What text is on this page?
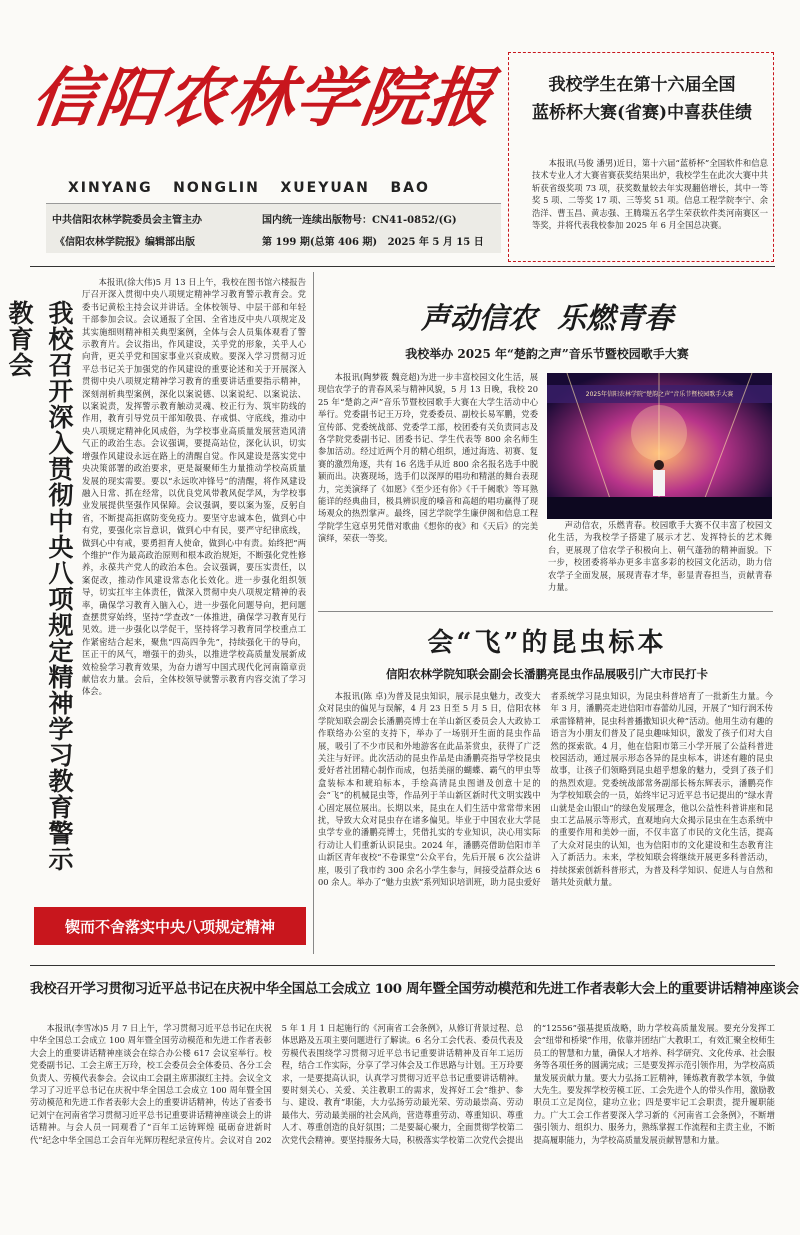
信阳农林学院报
XINYANG   NONGLIN   XUEYUAN   BAO
中共信阳农林学院委员会主管主办	国内统一连续出版物号：CN41-0852/(G)
《信阳农林学院报》编辑部出版	第 199 期(总第 406 期)   2025 年 5 月 15 日
我校学生在第十六届全国
蓝桥杯大赛(省赛)中喜获佳绩

本报讯(马俊 潘男)近日，第十六届“蓝桥杯”全国软件和信息技术专业人才大赛省赛获奖结果出炉，我校学生在此次大赛中共斩获省级奖项 73 项，获奖数量较去年实现翻倍增长，其中一等奖 5 项、二等奖 17 项、三等奖 51 项。信息工程学院李宁、余浩洋、曹玉昌、黄志强、王腾瑞五名学生荣获软件类河南赛区一等奖，并将代表我校参加 2025 年 6 月全国总决赛。

我校召开深入贯彻中央八项规定精神学习教育警示教育会

本报讯(徐大伟)5 月 13 日上午，我校在图书馆六楼报告厅召开深入贯彻中央八项规定精神学习教育警示教育会。党委书记黄松主持会议并讲话。全体校领导、中层干部和年轻干部参加会议。会议通报了全国、全省违反中央八项规定及其实施细则精神相关典型案例，全体与会人员集体观看了警示教育片。会议指出，作风建设，关乎党的形象，关乎人心向背，更关乎党和国家事业兴衰成败。要深入学习贯彻习近平总书记关于加强党的作风建设的重要论述和关于开展深入贯彻中央八项规定精神学习教育的重要讲话重要指示精神，深刻剖析典型案例，深化以案说德、以案说纪、以案说法、以案说责，发挥警示教育触动灵魂、校正行为、筑牢防线的作用，教育引导党员干部知敬畏、存戒惧、守底线，推动中央八项规定精神化风成俗，为学校事业高质量发展营造风清气正的政治生态。会议强调，要提高站位，深化认识，切实增强作风建设永远在路上的清醒自觉。作风建设是落实党中央决策部署的政治要求，更是凝聚师生力量推动学校高质量发展的现实需要。要以“永远吹冲锋号”的清醒，将作风建设融入日常、抓在经常，以优良党风带教风促学风，为学校事业发展提供坚强作风保障。会议强调，要以案为鉴，反躬自省，不断提高拒腐防变免疫力。要坚守忠诚本色，做到心中有党，要强化宗旨意识，做到心中有民，要严守纪律底线，做到心中有戒，要勇担育人使命，做到心中有责。始终把“两个维护”作为最高政治原则和根本政治规矩，不断强化党性修养，永葆共产党人的政治本色。会议强调，要压实责任，以案促改，推动作风建设常态化长效化。进一步强化组织领导，切实扛牢主体责任，做深入贯彻中央八项规定精神的表率，确保学习教育入脑入心，进一步强化问题导向，把问题查摆贯穿始终，坚持“学查改”一体推进，确保学习教育见行见效。进一步强化以学促干，坚持将学习教育同学校重点工作紧密结合起来，聚焦“四高四争先”，持续强化干的导向，匡正干的风气，增强干的劲头，以推进学校高质量发展新成效检验学习教育效果，为奋力谱写中国式现代化河南篇章贡献信农力量。会后，全体校领导就警示教育内容交流了学习体会。

锲而不舍落实中央八项规定精神
声动信农  乐燃青春
我校举办 2025 年“楚韵之声”音乐节暨校园歌手大赛

本报讯(陶梦筱 魏竞超)为进一步丰富校园文化生活，展现信农学子的青春风采与精神风貌，5 月 13 日晚，我校 2025 年“楚韵之声”音乐节暨校园歌手大赛在大学生活动中心举行。党委副书记王万玲，党委委员、副校长易军鹏，党委宣传部、党委统战部、党委学工部，校团委有关负责同志及各学院党委副书记、团委书记、学生代表等 800 余名师生参加活动。经过近两个月的精心组织，通过海选、初赛、复赛的激烈角逐，共有 16 名选手从近 800 余名报名选手中脱颖而出。决赛现场，选手们以深厚的唱功和精湛的舞台表现力，完美演绎了《如愿》《至少还有你》《千千阙歌》等耳熟能详的经典曲目，极具辨识度的嗓音和高超的唱功赢得了现场观众的热烈掌声。最终，园艺学院学生廉伊阁和信息工程学院学生寇卓男凭借对歌曲《想你的夜》和《天后》的完美演绎，荣获一等奖。

2025年信阳农林学院“楚韵之声”音乐节暨校园歌手大赛

声动信农，乐燃青春。校园歌手大赛不仅丰富了校园文化生活，为我校学子搭建了展示才艺、发挥特长的艺术舞台，更展现了信农学子积极向上、朝气蓬勃的精神面貌。下一步，校团委将举办更多丰富多彩的校园文化活动，助力信农学子全面发展，展现青春才华，彰显青春担当，贡献青春力量。

会“飞”的昆虫标本
信阳农林学院知联会副会长潘鹏亮昆虫作品展吸引广大市民打卡

本报讯(陈 卓)为普及昆虫知识，展示昆虫魅力，改变大众对昆虫的偏见与误解，4 月 23 日至 5 月 5 日，信阳农林学院知联会副会长潘鹏亮博士在羊山新区委员会人大政协工作联络办公室的支持下，举办了一场别开生面的昆虫作品展，吸引了不少市民和外地游客在此品茶赏虫，获得了广泛关注与好评。此次活动的昆虫作品是由潘鹏亮指导学校昆虫爱好者社团精心制作而成，包括美丽的蝴蝶、霸气的甲虫等盒装标本和琥珀标本，手绘高清昆虫图谱及创意十足的会“飞”的机械昆虫等，作品列于羊山新区新时代文明实践中心固定展位展出。长期以来，昆虫在人们生活中常常带来困扰，导致大众对昆虫存在诸多偏见。毕业于中国农业大学昆虫学专业的潘鹏亮博士，凭借扎实的专业知识，决心用实际行动让人们重新认识昆虫。2024 年，潘鹏亮借助信阳市羊山新区青年夜校“不卷课堂”公众平台，先后开展 6 次公益讲座，吸引了我市约 300 余名小学生参与，间接受益群众达 600 余人。举办了“魅力虫族”系列知识培训班，助力昆虫爱好者系统学习昆虫知识，为昆虫科普培育了一批新生力量。今年 3 月，潘鹏亮走进信阳市春蕾幼儿园，开展了“知行润禾传承雷锋精神，昆虫科普播撒知识火种”活动。他用生动有趣的语言为小朋友们普及了昆虫趣味知识，激发了孩子们对大自然的探索欲。4 月，他在信阳市第三小学开展了公益科普进校园活动，通过展示形态各异的昆虫标本，讲述有趣的昆虫故事，让孩子们领略到昆虫超乎想象的魅力，受到了孩子们的热烈欢迎。党委统战部常务副部长杨东辉表示，潘鹏亮作为学校知联会的一员，始终牢记习近平总书记提出的“绿水青山就是金山银山”的绿色发展理念，他以公益性科普讲座和昆虫工艺品展示等形式，直观地向大众揭示昆虫在生态系统中的重要作用和美妙一面，不仅丰富了市民的文化生活，提高了大众对昆虫的认知，也为信阳市的文化建设和生态教育注入了新活力。未来，学校知联会将继续开展更多科普活动，持续探索创新科普形式，为普及科学知识、促进人与自然和谐共处贡献力量。

我校召开学习贯彻习近平总书记在庆祝中华全国总工会成立 100 周年暨全国劳动模范和先进工作者表彰大会上的重要讲话精神座谈会

本报讯(李雪冰)5 月 7 日上午，学习贯彻习近平总书记在庆祝中华全国总工会成立 100 周年暨全国劳动模范和先进工作者表彰大会上的重要讲话精神座谈会在综合办公楼 617 会议室举行。校党委副书记、工会主席王万玲，校工会委员会全体委员、各分工会负责人、劳模代表参会。会议由工会副主席那淑红主持。会议全文学习了习近平总书记在庆祝中华全国总工会成立 100 周年暨全国劳动模范和先进工作者表彰大会上的重要讲话精神，传达了省委书记刘宁在河南省学习贯彻习近平总书记重要讲话精神座谈会上的讲话精神。与会人员一同观看了“百年工运铸辉煌 砥砺奋进新时代”纪念中华全国总工会百年光辉历程纪录宣传片。会议对自 2025 年 1 月 1 日起施行的《河南省工会条例》，从修订背景过程、总体思路及五项主要问题进行了解读。6 名分工会代表、委员代表及劳模代表围绕学习贯彻习近平总书记重要讲话精神及百年工运历程，结合工作实际，分享了学习体会及工作思路与计划。王万玲要求，一是要提高认识，认真学习贯彻习近平总书记重要讲话精神。要时刻关心、关爱、关注教职工的需求，发挥好工会“维护、参与、建设、教育”职能，大力弘扬劳动最光荣、劳动最崇高、劳动最伟大、劳动最美丽的社会风尚，营造尊重劳动、尊重知识、尊重人才、尊重创造的良好氛围；二是要凝心聚力，全面贯彻学校第二次党代会精神。要坚持服务大局，积极落实学校第二次党代会提出的“12556”强基提质战略，助力学校高质量发展。要充分发挥工会“纽带和桥梁”作用，依靠并团结广大教职工，有效汇聚全校师生员工的智慧和力量，确保人才培养、科学研究、文化传承、社会服务等各项任务的圆满完成；三是要发挥示范引领作用，为学校高质量发展贡献力量。要大力弘扬工匠精神，锤炼教育教学本领，争做大先生。要发挥学校劳模工匠、工会先进个人的带头作用，激励教职员工立足岗位，建功立业；四是要牢记工会职责，提升履职能力。广大工会工作者要深入学习新的《河南省工会条例》，不断增强引领力、组织力、服务力，熟练掌握工作流程和主责主业，不断提高履职能力，为学校高质量发展贡献智慧和力量。
